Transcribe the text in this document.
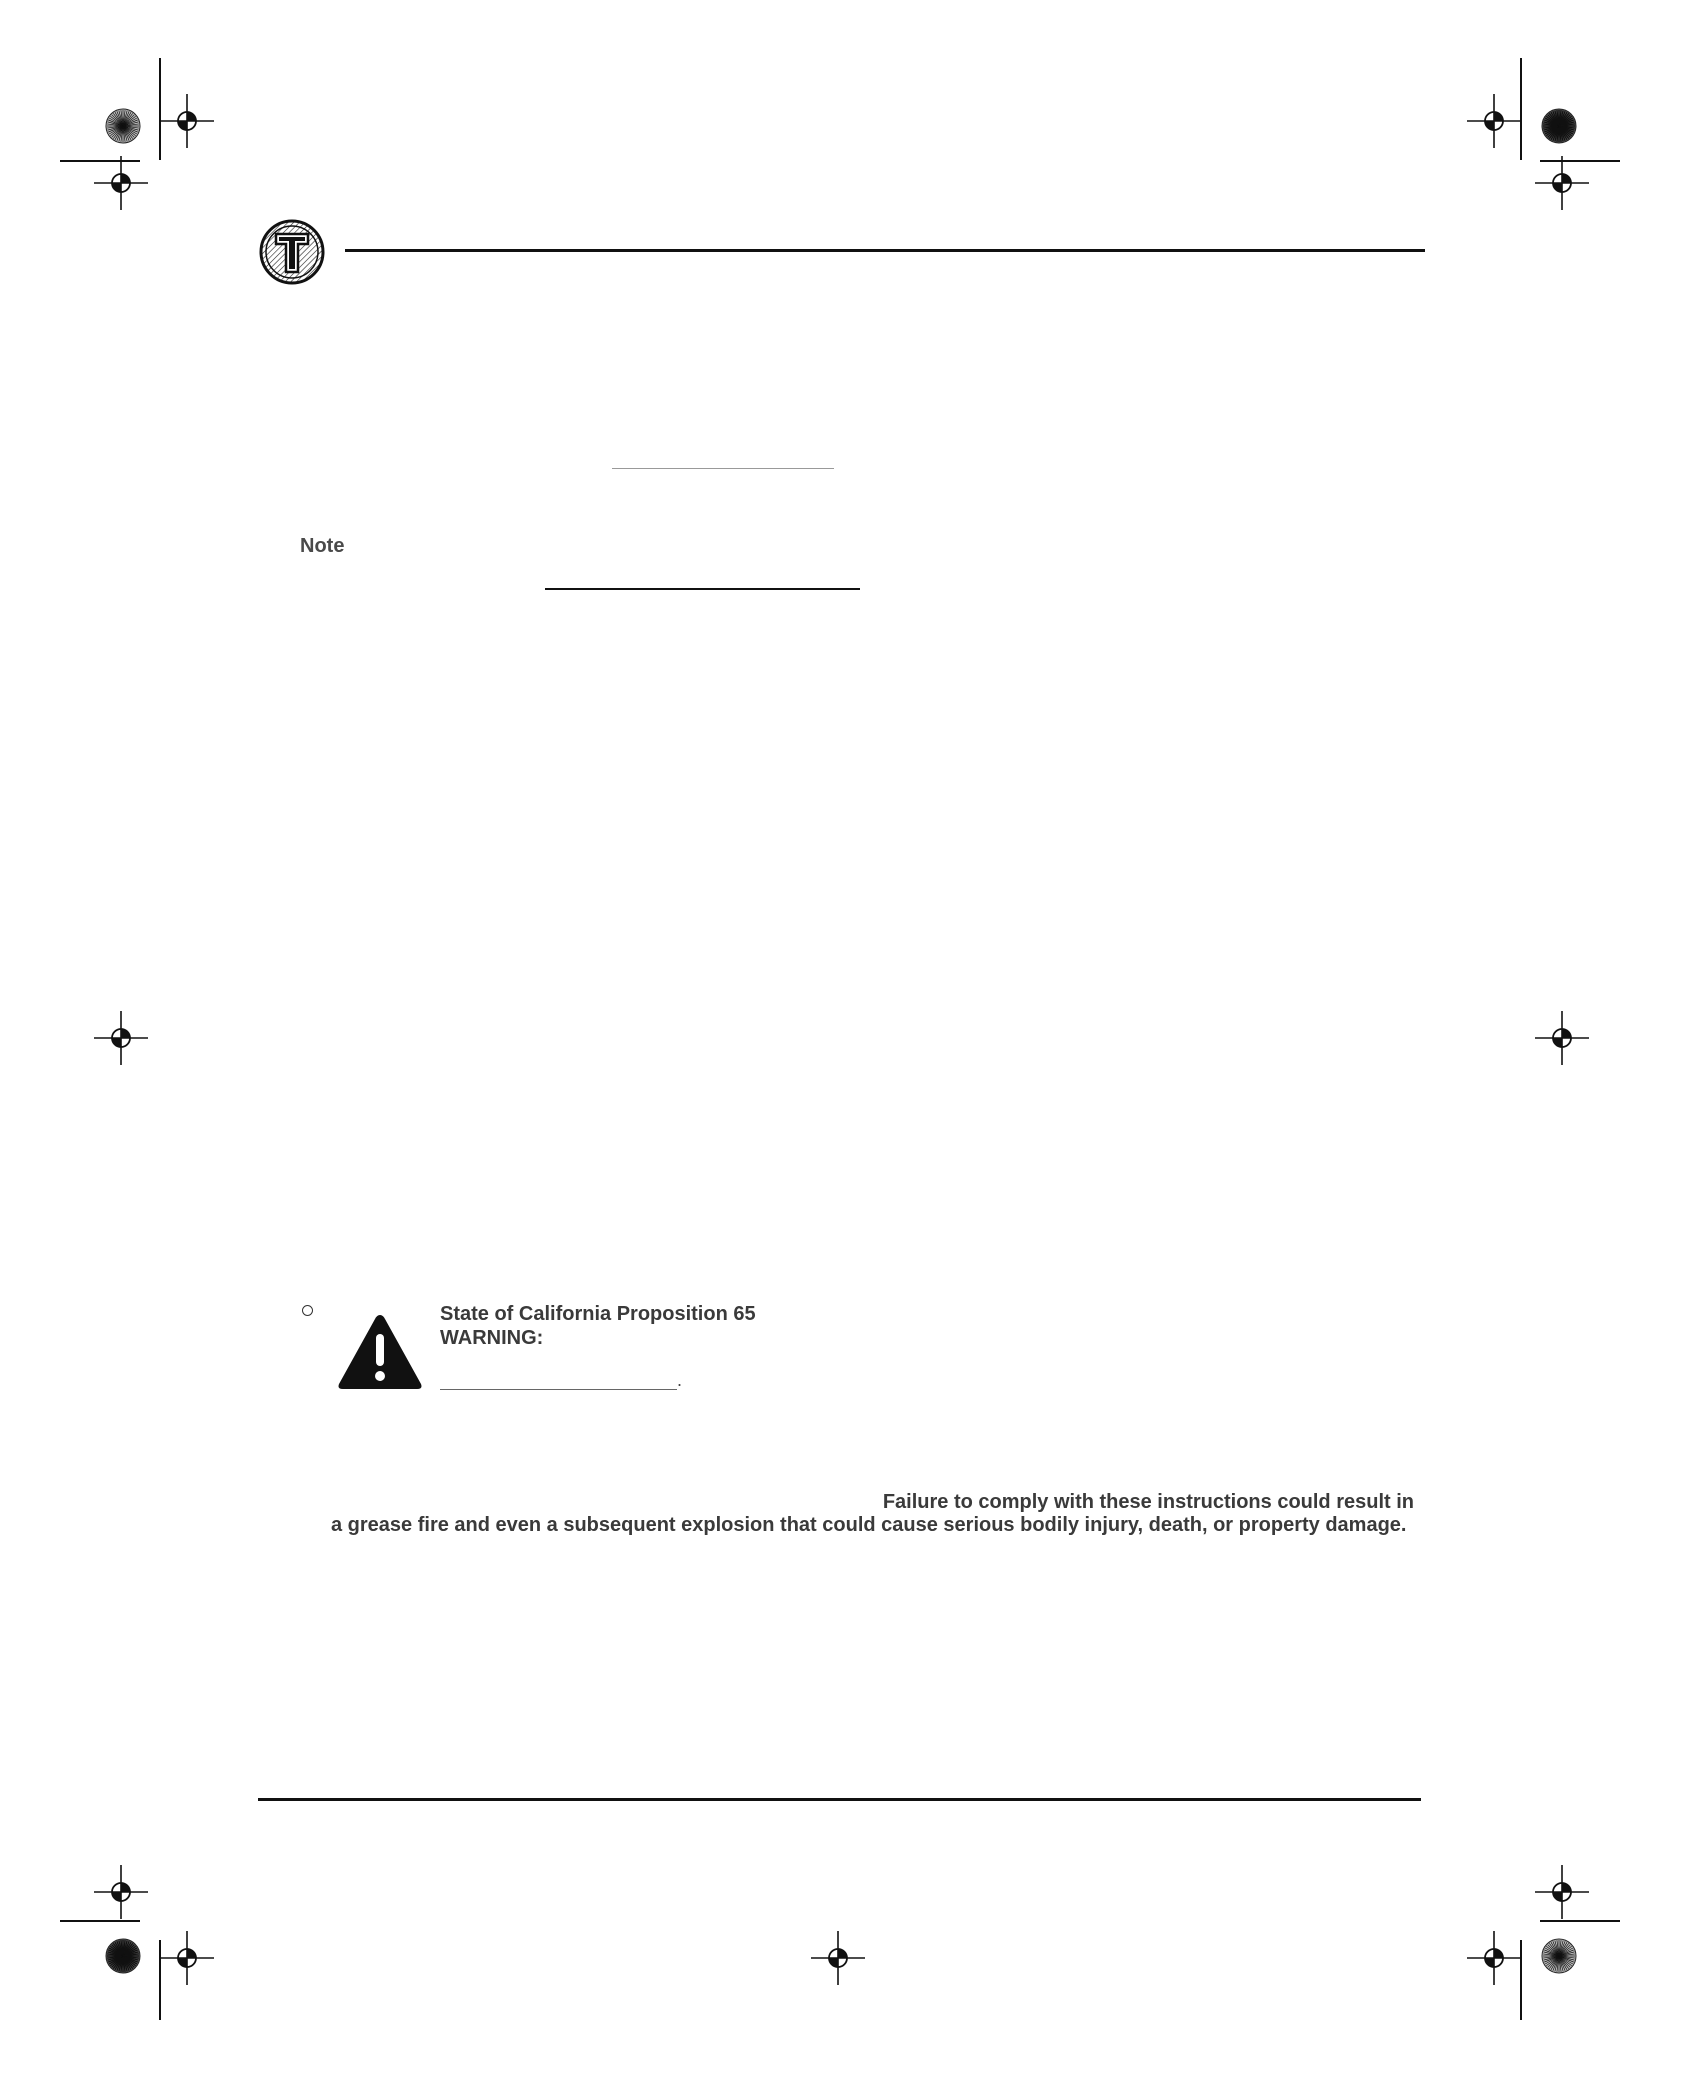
Note
State of California Proposition 65
WARNING:
.
Failure to comply with these instructions could result in
a grease fire and even a subsequent explosion that could cause serious bodily injury, death, or property damage.
